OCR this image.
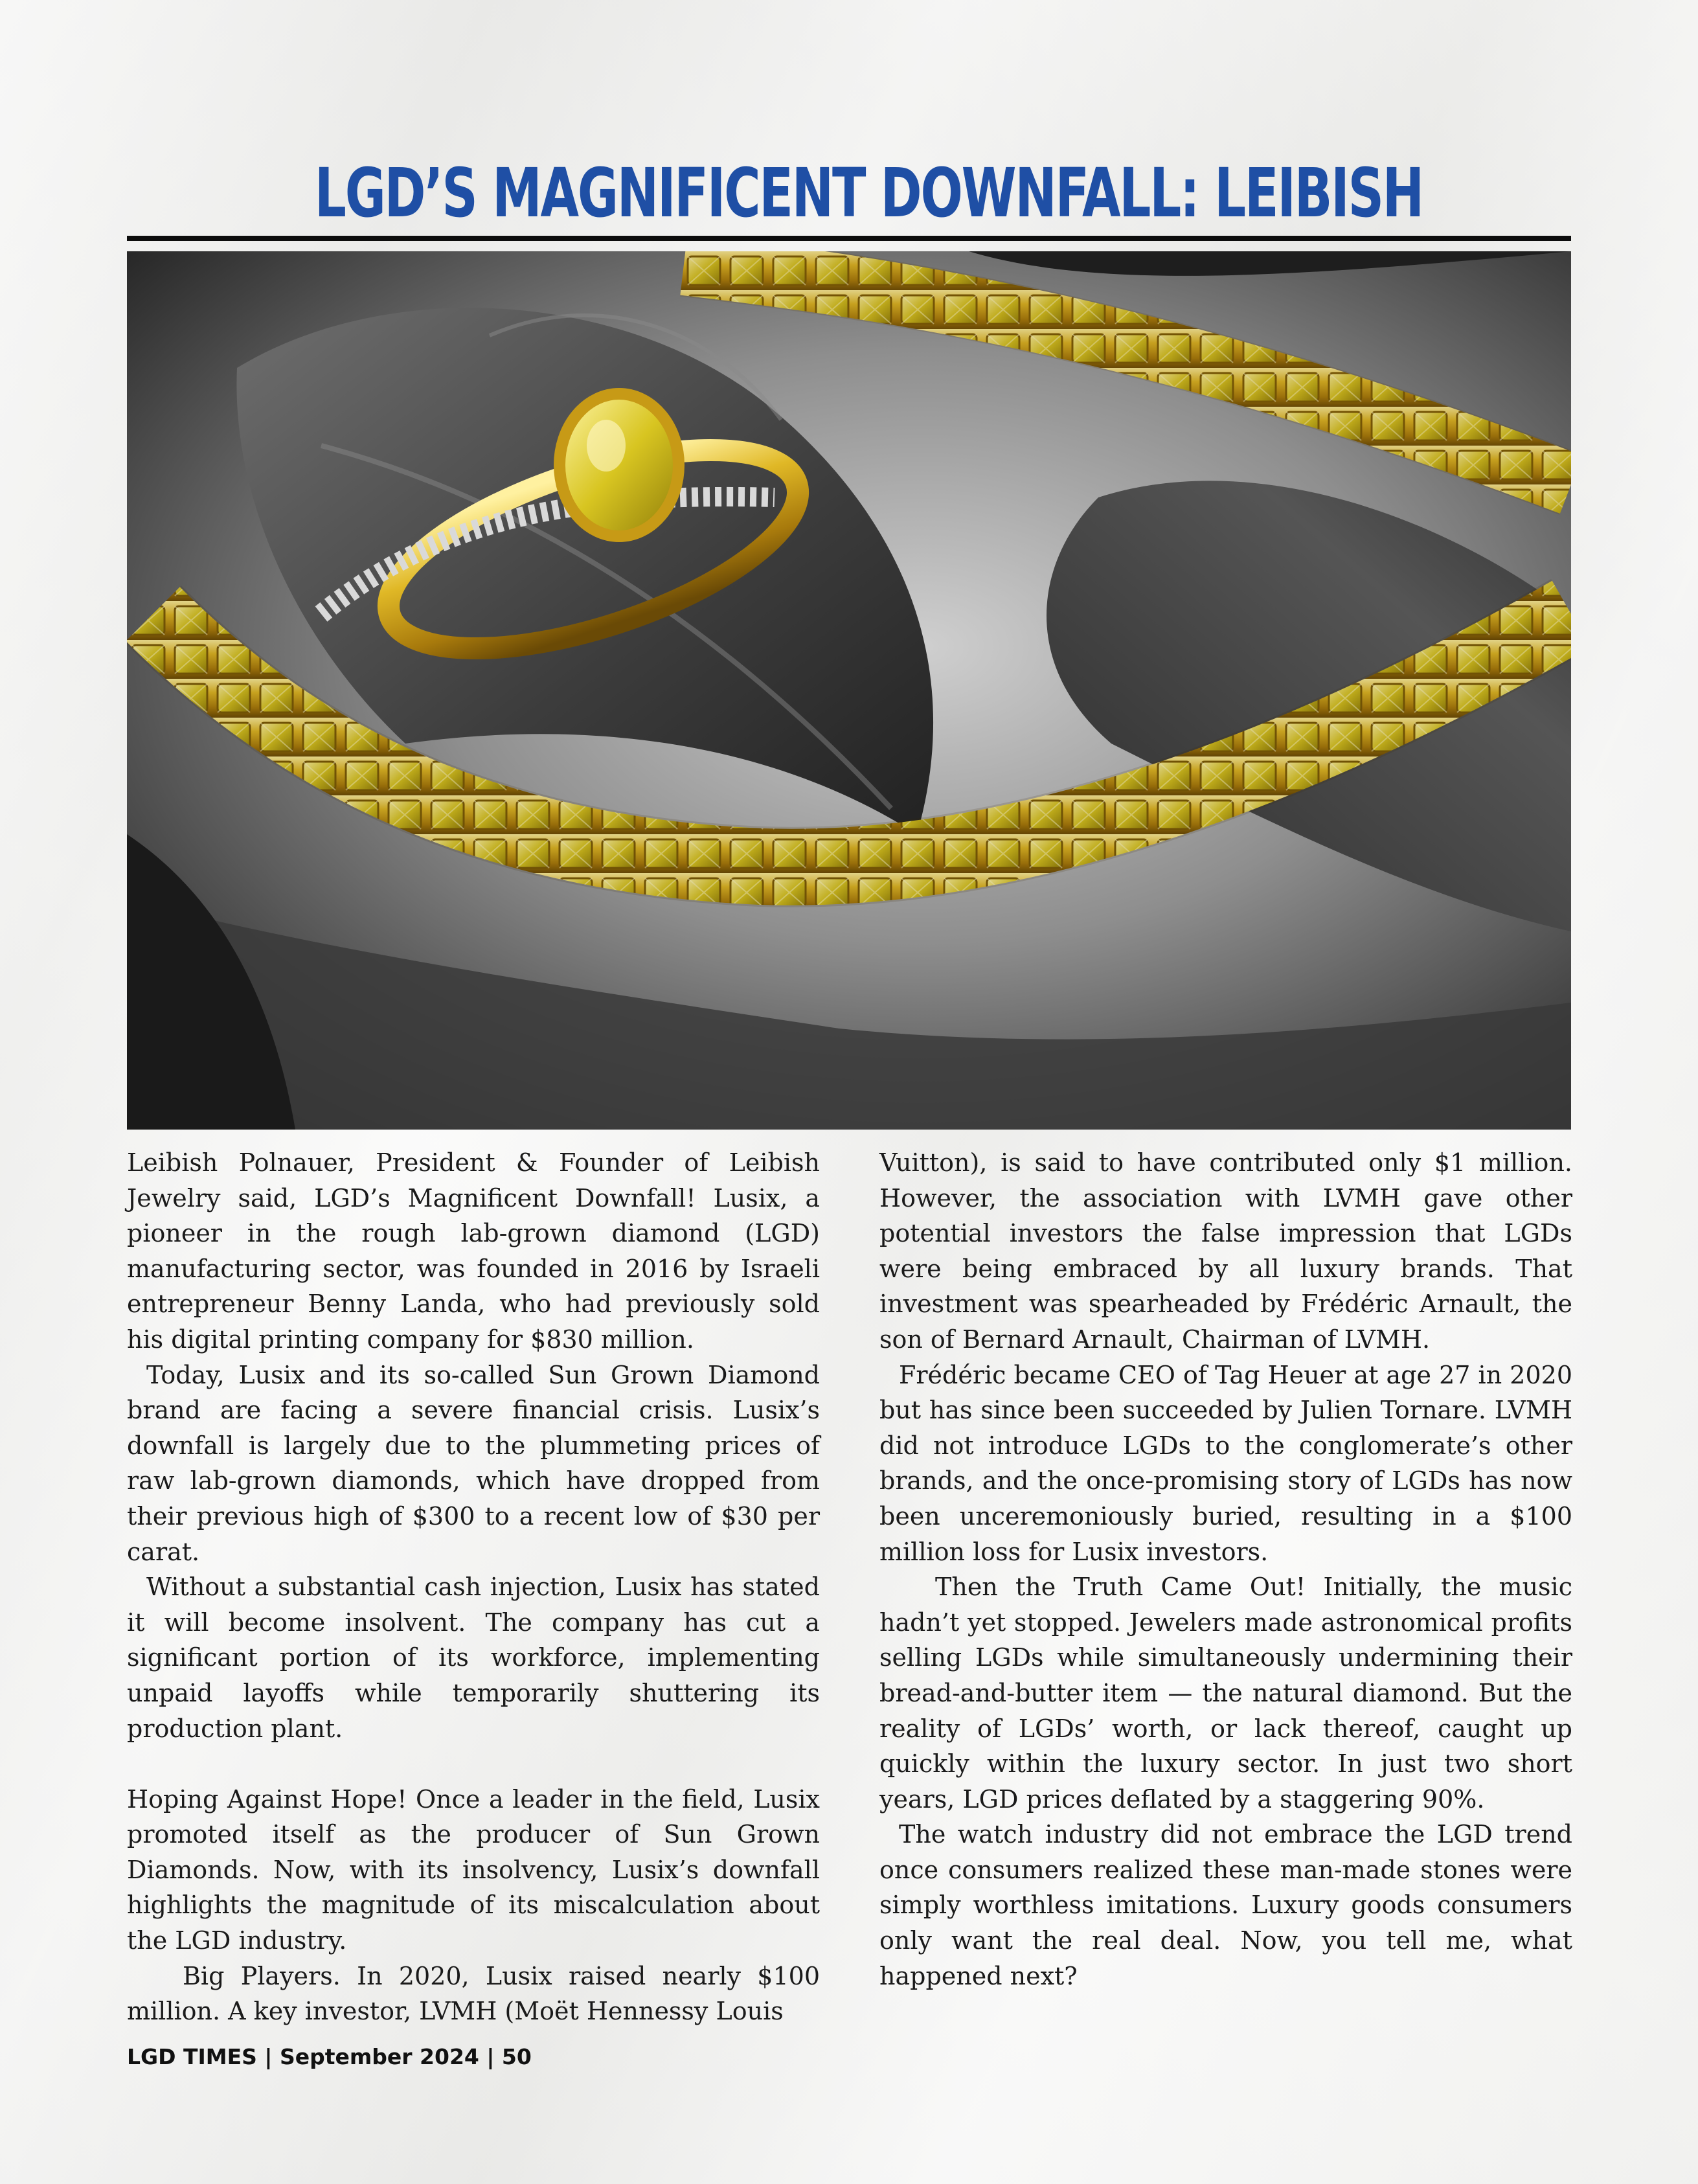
LGD’S MAGNIFICENT DOWNFALL: LEIBISH

Leibish Polnauer, President & Founder of Leibish Jewelry said, LGD’s Magnificent Downfall! Lusix, a pioneer in the rough lab-grown diamond (LGD) manufacturing sector, was founded in 2016 by Israeli entrepreneur Benny Landa, who had previously sold his digital printing company for $830 million.

Today, Lusix and its so-called Sun Grown Diamond brand are facing a severe financial crisis. Lusix’s downfall is largely due to the plummeting prices of raw lab-grown diamonds, which have dropped from their previous high of $300 to a recent low of $30 per carat.

Without a substantial cash injection, Lusix has stated it will become insolvent. The company has cut a significant portion of its workforce, implementing unpaid layoffs while temporarily shuttering its production plant.

Hoping Against Hope! Once a leader in the field, Lusix promoted itself as the producer of Sun Grown Diamonds. Now, with its insolvency, Lusix’s downfall highlights the magnitude of its miscalculation about the LGD industry.

Big Players. In 2020, Lusix raised nearly $100 million. A key investor, LVMH (Moët Hennessy Louis

Vuitton), is said to have contributed only $1 million. However, the association with LVMH gave other potential investors the false impression that LGDs were being embraced by all luxury brands. That investment was spearheaded by Frédéric Arnault, the son of Bernard Arnault, Chairman of LVMH.

Frédéric became CEO of Tag Heuer at age 27 in 2020 but has since been succeeded by Julien Tornare. LVMH did not introduce LGDs to the conglomerate’s other brands, and the once-promising story of LGDs has now been unceremoniously buried, resulting in a $100 million loss for Lusix investors.

Then the Truth Came Out! Initially, the music hadn’t yet stopped. Jewelers made astronomical profits selling LGDs while simultaneously undermining their bread-and-butter item — the natural diamond. But the reality of LGDs’ worth, or lack thereof, caught up quickly within the luxury sector. In just two short years, LGD prices deflated by a staggering 90%.

The watch industry did not embrace the LGD trend once consumers realized these man-made stones were simply worthless imitations. Luxury goods consumers only want the real deal. Now, you tell me, what happened next?

LGD TIMES | September 2024 | 50
